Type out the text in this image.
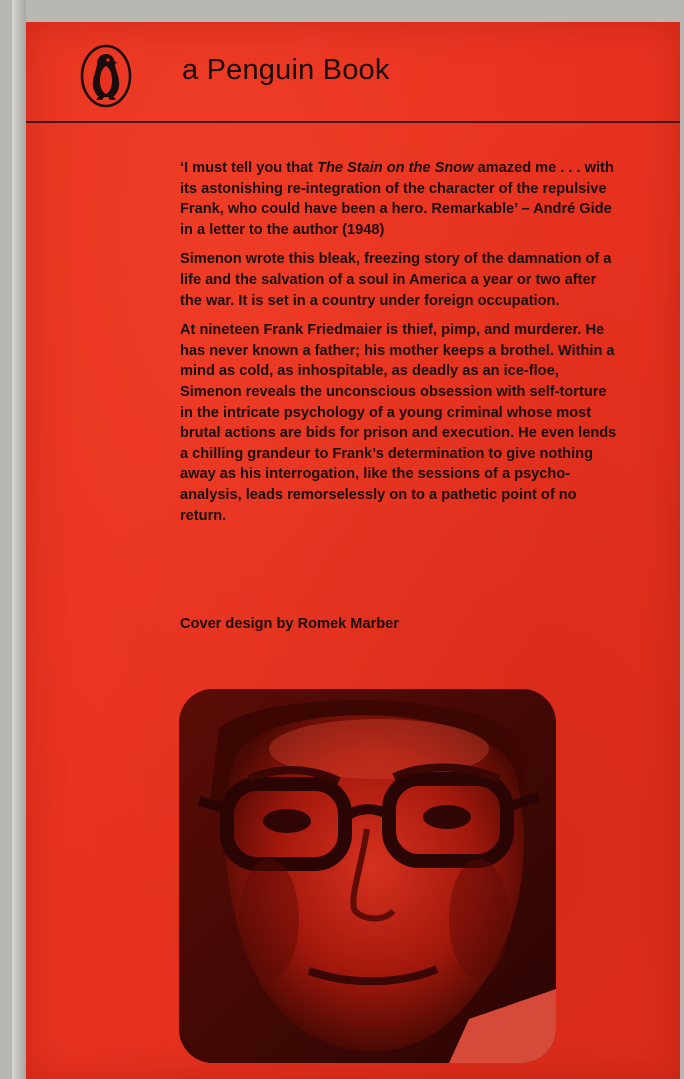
a Penguin Book

‘I must tell you that The Stain on the Snow amazed me . . . with its astonishing re-integration of the character of the repulsive Frank, who could have been a hero. Remarkable’ – André Gide in a letter to the author (1948)

Simenon wrote this bleak, freezing story of the damnation of a life and the salvation of a soul in America a year or two after the war. It is set in a country under foreign occupation.

At nineteen Frank Friedmaier is thief, pimp, and murderer. He has never known a father; his mother keeps a brothel. Within a mind as cold, as inhospitable, as deadly as an ice-floe, Simenon reveals the unconscious obsession with self-torture in the intricate psychology of a young criminal whose most brutal actions are bids for prison and execution. He even lends a chilling grandeur to Frank’s determination to give nothing away as his interrogation, like the sessions of a psycho-analysis, leads remorselessly on to a pathetic point of no return.

Cover design by Romek Marber
